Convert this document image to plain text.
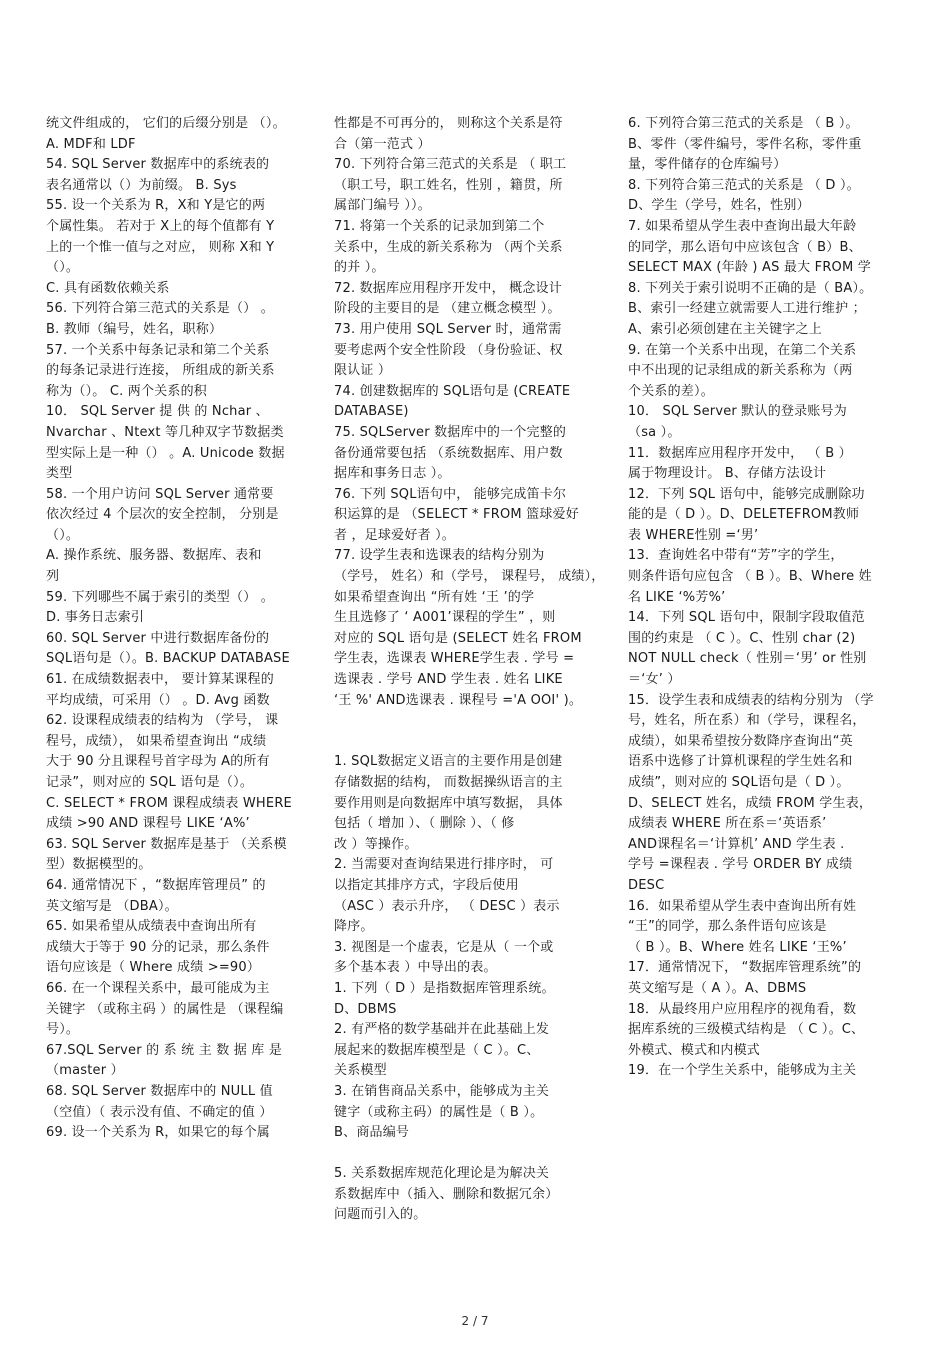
统文件组成的， 它们的后缀分别是 （）。
A. MDF和 LDF
54. SQL Server 数据库中的系统表的
表名通常以（）为前缀。 B. Sys
55. 设一个关系为 R，X和 Y是它的两
个属性集。 若对于 X上的每个值都有 Y
上的一个惟一值与之对应， 则称 X和 Y
（）。
C. 具有函数依赖关系
56. 下列符合第三范式的关系是（） 。
B. 教师（编号，姓名，职称）
57. 一个关系中每条记录和第二个关系
的每条记录进行连接， 所组成的新关系
称为（）。 C. 两个关系的积
10． SQL Server 提 供 的 Nchar 、
Nvarchar 、Ntext 等几种双字节数据类
型实际上是一种（） 。A. Unicode 数据
类型
58. 一个用户访问 SQL Server 通常要
依次经过 4 个层次的安全控制， 分别是
（）。
A. 操作系统、服务器、数据库、表和
列
59. 下列哪些不属于索引的类型（） 。
D. 事务日志索引
60. SQL Server 中进行数据库备份的
SQL语句是（）。B. BACKUP DATABASE
61. 在成绩数据表中， 要计算某课程的
平均成绩，可采用（） 。D. Avg 函数
62. 设课程成绩表的结构为 （学号， 课
程号，成绩）， 如果希望查询出 “成绩
大于 90 分且课程号首字母为 A的所有
记录”，则对应的 SQL 语句是（）。
C. SELECT * FROM 课程成绩表 WHERE
成绩 >90 AND 课程号 LIKE ‘A%’
63. SQL Server 数据库是基于 （关系模
型）数据模型的。
64. 通常情况下 ，“数据库管理员” 的
英文缩写是 （DBA）。
65. 如果希望从成绩表中查询出所有
成绩大于等于 90 分的记录，那么条件
语句应该是（ Where 成绩 >=90）
66. 在一个课程关系中，最可能成为主
关键字 （或称主码 ）的属性是 （课程编
号）。
67.SQL Server 的 系 统 主 数 据 库 是
（master ）
68. SQL Server 数据库中的 NULL 值
（空值）（ 表示没有值、不确定的值 ）
69. 设一个关系为 R，如果它的每个属
性都是不可再分的， 则称这个关系是符
合（第一范式 ）
70. 下列符合第三范式的关系是 （ 职工
（职工号，职工姓名，性别 ，籍贯，所
属部门编号 ））。
71. 将第一个关系的记录加到第二个
关系中，生成的新关系称为 （两个关系
的并 ）。
72. 数据库应用程序开发中， 概念设计
阶段的主要目的是 （建立概念模型 ）。
73. 用户使用 SQL Server 时，通常需
要考虑两个安全性阶段 （身份验证、权
限认证 ）
74. 创建数据库的 SQL语句是 (CREATE
DATABASE)
75. SQLServer 数据库中的一个完整的
备份通常要包括 （系统数据库、用户数
据库和事务日志 ）。
76. 下列 SQL语句中， 能够完成笛卡尔
积运算的是 （SELECT * FROM 篮球爱好
者 ，足球爱好者 ）。
77. 设学生表和选课表的结构分别为
（学号， 姓名）和（学号， 课程号， 成绩），
如果希望查询出 “所有姓 ‘王 ’的学
生且选修了 ‘ A001’课程的学生” ，则
对应的 SQL 语句是 (SELECT 姓名 FROM
学生表，选课表 WHERE学生表 . 学号 =
选课表 . 学号 AND 学生表 . 姓名 LIKE
‘王 %' AND选课表 . 课程号 ='A OOI' )。
1. SQL数据定义语言的主要作用是创建
存储数据的结构， 而数据操纵语言的主
要作用则是向数据库中填写数据， 具体
包括（ 增加 ）、（ 删除 ）、（ 修
改 ）等操作。
2. 当需要对查询结果进行排序时， 可
以指定其排序方式，字段后使用
（ASC ）表示升序， （ DESC ）表示
降序。
3. 视图是一个虚表，它是从（ 一个或
多个基本表 ）中导出的表。
1. 下列（ D ）是指数据库管理系统。
D、DBMS
2. 有严格的数学基础并在此基础上发
展起来的数据库模型是（ C ）。C、
关系模型
3. 在销售商品关系中，能够成为主关
键字（或称主码）的属性是（ B ）。
B、商品编号
5. 关系数据库规范化理论是为解决关
系数据库中（插入、删除和数据冗余）
问题而引入的。
6. 下列符合第三范式的关系是 （ B ）。
B、零件（零件编号，零件名称，零件重
量，零件储存的仓库编号）
8. 下列符合第三范式的关系是 （ D ）。
D、学生（学号，姓名，性别）
7. 如果希望从学生表中查询出最大年龄
的同学，那么语句中应该包含（ B）B、
SELECT MAX (年龄 ) AS 最大 FROM 学
8. 下列关于索引说明不正确的是（ BA）。
B、索引一经建立就需要人工进行维护 ；
A、索引必须创建在主关键字之上
9. 在第一个关系中出现，在第二个关系
中不出现的记录组成的新关系称为（两
个关系的差）。
10． SQL Server 默认的登录账号为
（sa ）。
11．数据库应用程序开发中， （ B ）
属于物理设计。 B、存储方法设计
12．下列 SQL 语句中，能够完成删除功
能的是（ D ）。D、DELETEFROM教师
表 WHERE性别 =‘男’
13．查询姓名中带有“芳”字的学生，
则条件语句应包含 （ B ）。B、Where 姓
名 LIKE ‘%芳%’
14．下列 SQL 语句中，限制字段取值范
围的约束是 （ C ）。C、性别 char (2)
NOT NULL check（ 性别＝‘男’ or 性别
＝‘女’ ）
15．设学生表和成绩表的结构分别为 （学
号，姓名，所在系）和（学号，课程名，
成绩），如果希望按分数降序查询出“英
语系中选修了计算机课程的学生姓名和
成绩”，则对应的 SQL语句是（ D ）。
D、SELECT 姓名，成绩 FROM 学生表，
成绩表 WHERE 所在系＝‘英语系’
AND课程名＝‘计算机’ AND 学生表 .
学号 =课程表 . 学号 ORDER BY 成绩
DESC
16．如果希望从学生表中查询出所有姓
“王”的同学，那么条件语句应该是
（ B ）。B、Where 姓名 LIKE ‘王%’
17．通常情况下， “数据库管理系统”的
英文缩写是（ A ）。A、DBMS
18．从最终用户应用程序的视角看，数
据库系统的三级模式结构是 （ C ）。C、
外模式、模式和内模式
19．在一个学生关系中，能够成为主关
2 / 7
